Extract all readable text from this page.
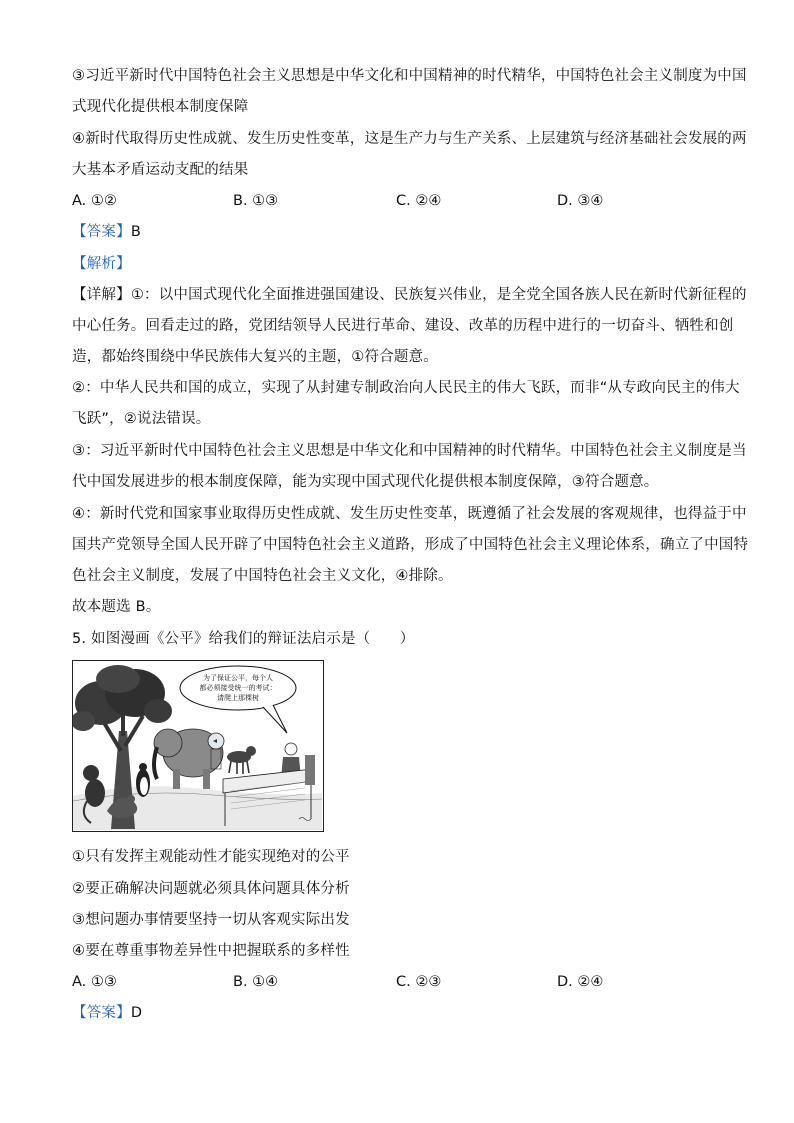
③习近平新时代中国特色社会主义思想是中华文化和中国精神的时代精华，中国特色社会主义制度为中国
式现代化提供根本制度保障
④新时代取得历史性成就、发生历史性变革，这是生产力与生产关系、上层建筑与经济基础社会发展的两
大基本矛盾运动支配的结果
A. ①②	B. ①③	C. ②④	D. ③④
【答案】B
【解析】
【详解】①：以中国式现代化全面推进强国建设、民族复兴伟业，是全党全国各族人民在新时代新征程的
中心任务。回看走过的路，党团结领导人民进行革命、建设、改革的历程中进行的一切奋斗、牺牲和创
造，都始终围绕中华民族伟大复兴的主题，①符合题意。
②：中华人民共和国的成立，实现了从封建专制政治向人民民主的伟大飞跃，而非“从专政向民主的伟大
飞跃”，②说法错误。
③：习近平新时代中国特色社会主义思想是中华文化和中国精神的时代精华。中国特色社会主义制度是当
代中国发展进步的根本制度保障，能为实现中国式现代化提供根本制度保障，③符合题意。
④：新时代党和国家事业取得历史性成就、发生历史性变革，既遵循了社会发展的客观规律，也得益于中
国共产党领导全国人民开辟了中国特色社会主义道路，形成了中国特色社会主义理论体系，确立了中国特
色社会主义制度，发展了中国特色社会主义文化，④排除。
故本题选 B。
5. 如图漫画《公平》给我们的辩证法启示是（　　）
为了保证公平，每个人
都必须接受统一的考试：
请爬上那棵树
①只有发挥主观能动性才能实现绝对的公平
②要正确解决问题就必须具体问题具体分析
③想问题办事情要坚持一切从客观实际出发
④要在尊重事物差异性中把握联系的多样性
A. ①③	B. ①④	C. ②③	D. ②④
【答案】D
